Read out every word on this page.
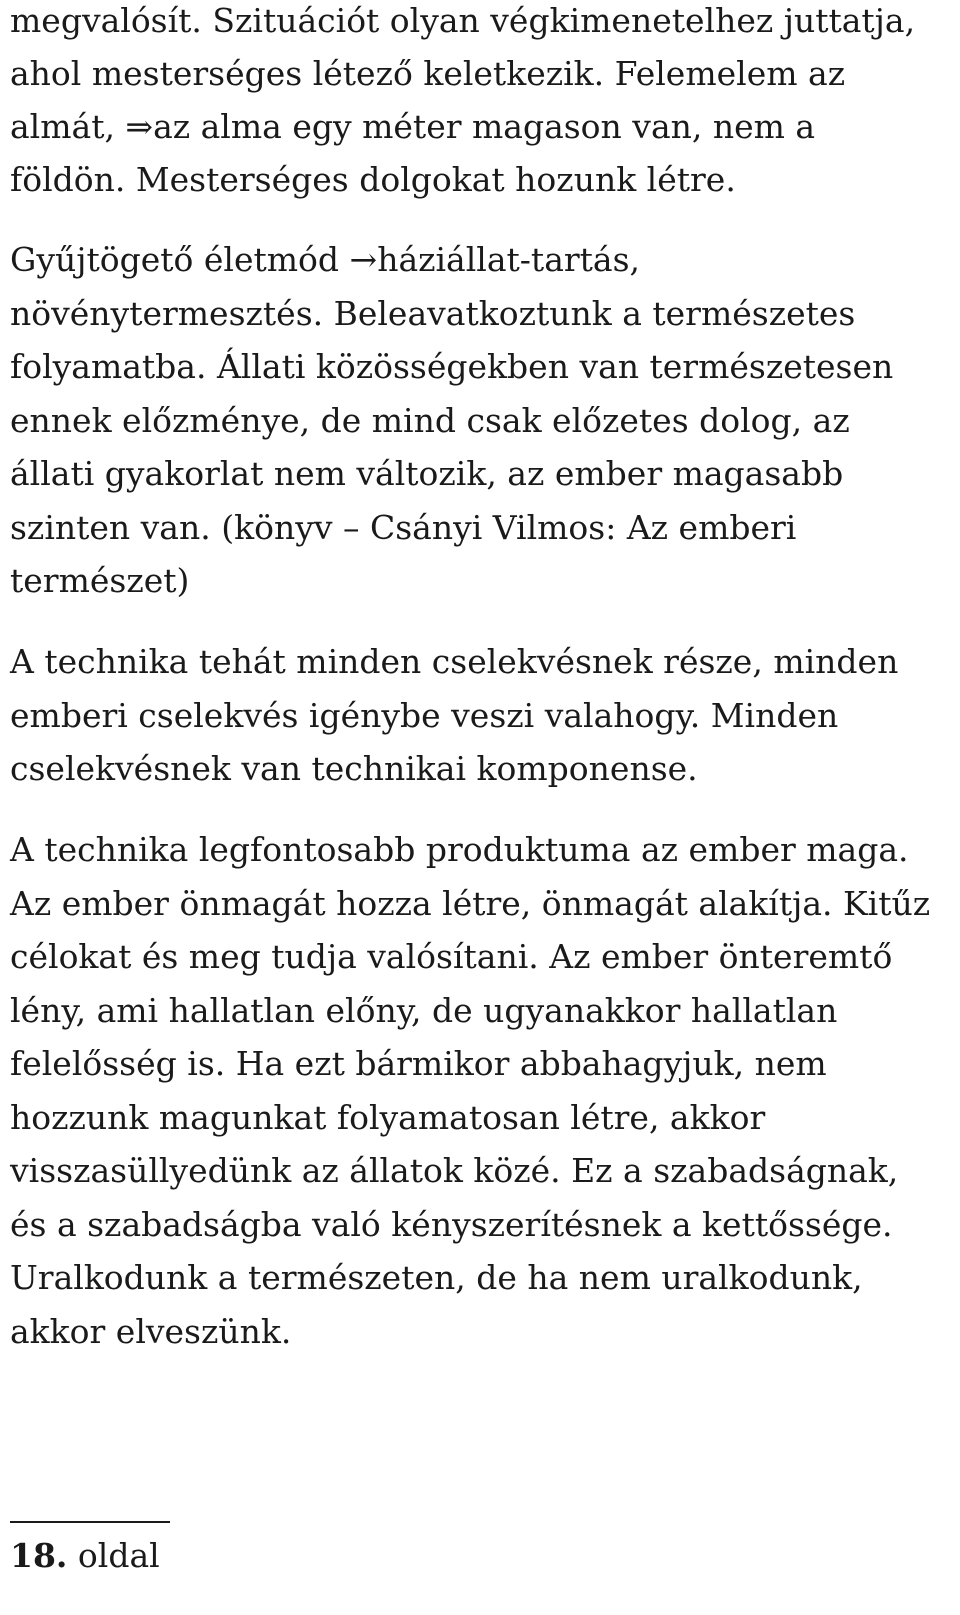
megvalósít. Szituációt olyan végkimenetelhez juttatja,
ahol mesterséges létező keletkezik. Felemelem az
almát, ⇒az alma egy méter magason van, nem a
földön. Mesterséges dolgokat hozunk létre.
Gyűjtögető életmód →háziállat-tartás,
növénytermesztés. Beleavatkoztunk a természetes
folyamatba. Állati közösségekben van természetesen
ennek előzménye, de mind csak előzetes dolog, az
állati gyakorlat nem változik, az ember magasabb
szinten van. (könyv – Csányi Vilmos: Az emberi
természet)
A technika tehát minden cselekvésnek része, minden
emberi cselekvés igénybe veszi valahogy. Minden
cselekvésnek van technikai komponense.
A technika legfontosabb produktuma az ember maga.
Az ember önmagát hozza létre, önmagát alakítja. Kitűz
célokat és meg tudja valósítani. Az ember önteremtő
lény, ami hallatlan előny, de ugyanakkor hallatlan
felelősség is. Ha ezt bármikor abbahagyjuk, nem
hozzunk magunkat folyamatosan létre, akkor
visszasüllyedünk az állatok közé. Ez a szabadságnak,
és a szabadságba való kényszerítésnek a kettőssége.
Uralkodunk a természeten, de ha nem uralkodunk,
akkor elveszünk.
18. oldal
